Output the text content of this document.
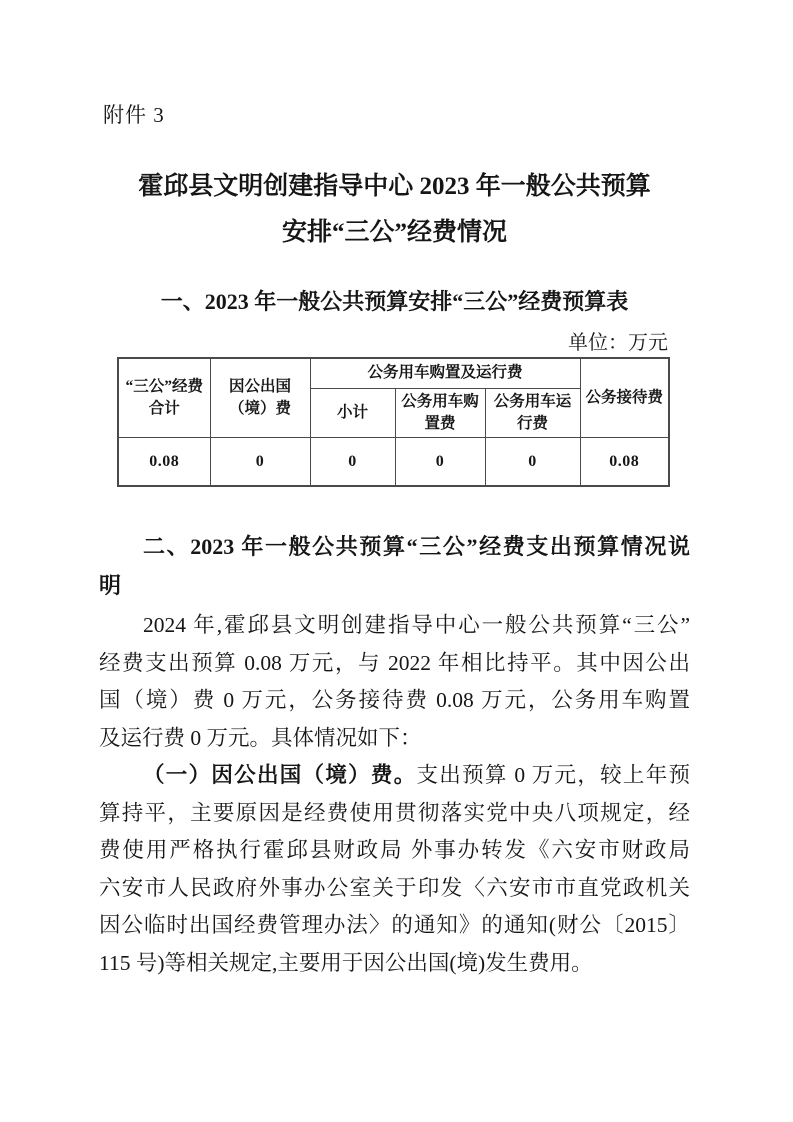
附件 3
霍邱县文明创建指导中心 2023 年一般公共预算
安排“三公”经费情况
一、2023 年一般公共预算安排“三公”经费预算表
单位：万元
“三公”经费合计	因公出国（境）费	公务用车购置及运行费			公务接待费
		小计	公务用车购置费	公务用车运行费	
0.08	0	0	0	0	0.08
二、2023 年一般公共预算“三公”经费支出预算情况说
明
2024 年,霍邱县文明创建指导中心一般公共预算“三公”
经费支出预算 0.08 万元，与 2022 年相比持平。其中因公出
国（境）费 0 万元，公务接待费 0.08 万元，公务用车购置
及运行费 0 万元。具体情况如下：
（一）因公出国（境）费。支出预算 0 万元，较上年预
算持平，主要原因是经费使用贯彻落实党中央八项规定，经
费使用严格执行霍邱县财政局 外事办转发《六安市财政局
六安市人民政府外事办公室关于印发〈六安市市直党政机关
因公临时出国经费管理办法〉的通知》的通知(财公〔2015〕
115 号)等相关规定,主要用于因公出国(境)发生费用。
